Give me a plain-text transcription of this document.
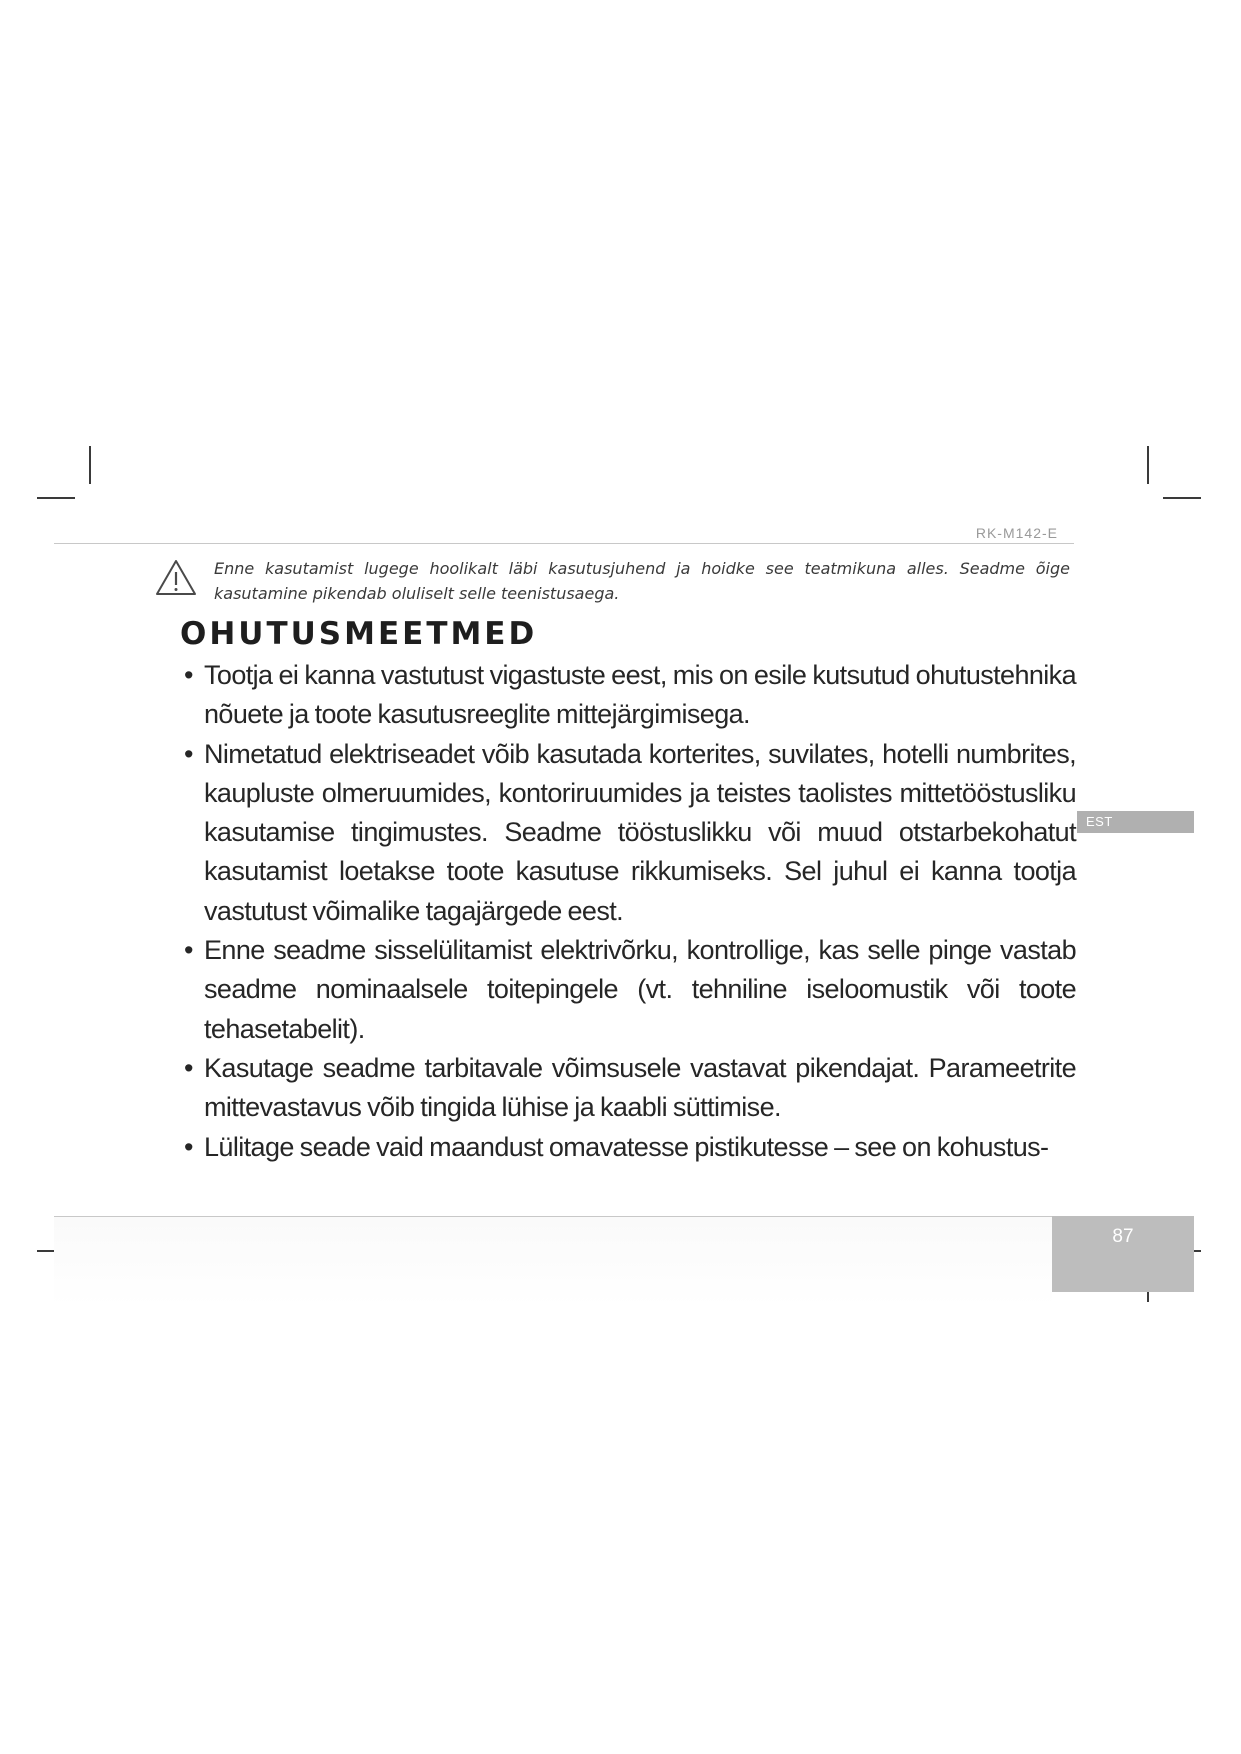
RK-M142-E
Enne kasutamist lugege hoolikalt läbi kasutusjuhend ja hoidke see teatmikuna alles. Seadme õige kasutamine pikendab oluliselt selle teenistusaega.
OHUTUSMEETMED
• Tootja ei kanna vastutust vigastuste eest, mis on esile kutsutud ohutustehnika nõuete ja toote kasutusreeglite mittejärgimisega.
• Nimetatud elektriseadet võib kasutada korterites, suvilates, hotelli numbrites, kaupluste olmeruumides, kontoriruumides ja teistes taolistes mittetööstusliku kasutamise tingimustes. Seadme tööstuslikku või muud otstarbekohatut kasutamist loetakse toote kasutuse rikkumiseks. Sel juhul ei kanna tootja vastutust võimalike tagajärgede eest.
• Enne seadme sisselülitamist elektrivõrku, kontrollige, kas selle pinge vastab seadme nominaalsele toitepingele (vt. tehniline iseloomustik või toote tehasetabelit).
• Kasutage seadme tarbitavale võimsusele vastavat pikendajat. Parameetrite mittevastavus võib tingida lühise ja kaabli süttimise.
• Lülitage seade vaid maandust omavatesse pistikutesse – see on kohustus-
EST
87
